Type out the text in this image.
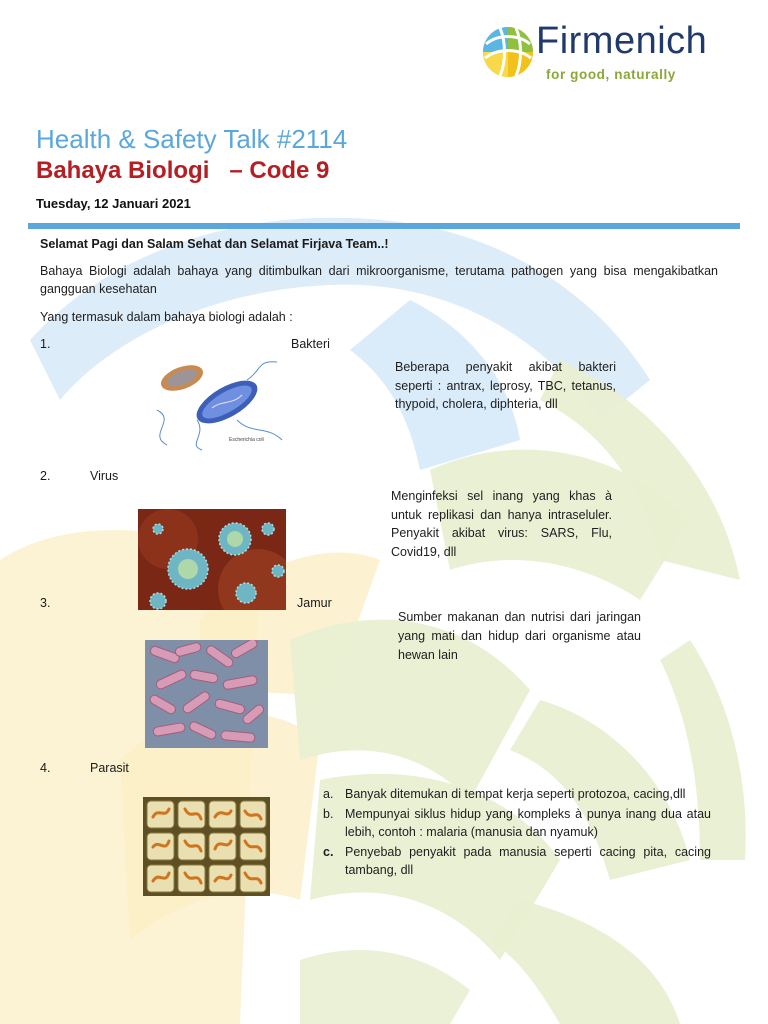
Firmenich
for good, naturally
Health & Safety Talk #2114
Bahaya Biologi   – Code 9
Tuesday, 12 Januari 2021
Selamat Pagi dan Salam Sehat dan Selamat Firjava Team..!
Bahaya Biologi adalah bahaya yang ditimbulkan dari mikroorganisme, terutama pathogen yang bisa mengakibatkan gangguan kesehatan
Yang termasuk dalam bahaya biologi adalah :
1.	Bakteri
Escherichia coli
Beberapa penyakit akibat bakteri seperti : antrax, leprosy, TBC, tetanus, thypoid, cholera, diphteria, dll
2.	Virus
Menginfeksi sel inang yang khas à untuk replikasi dan hanya intraseluler. Penyakit akibat virus: SARS, Flu, Covid19, dll
3.	Jamur
Sumber makanan dan nutrisi dari jaringan yang mati dan hidup dari organisme atau hewan lain
4.	Parasit
a. Banyak ditemukan di tempat kerja seperti protozoa, cacing,dll
b. Mempunyai siklus hidup yang kompleks à punya inang dua atau lebih, contoh : malaria (manusia dan nyamuk)
c. Penyebab penyakit pada manusia seperti cacing pita, cacing tambang, dll
